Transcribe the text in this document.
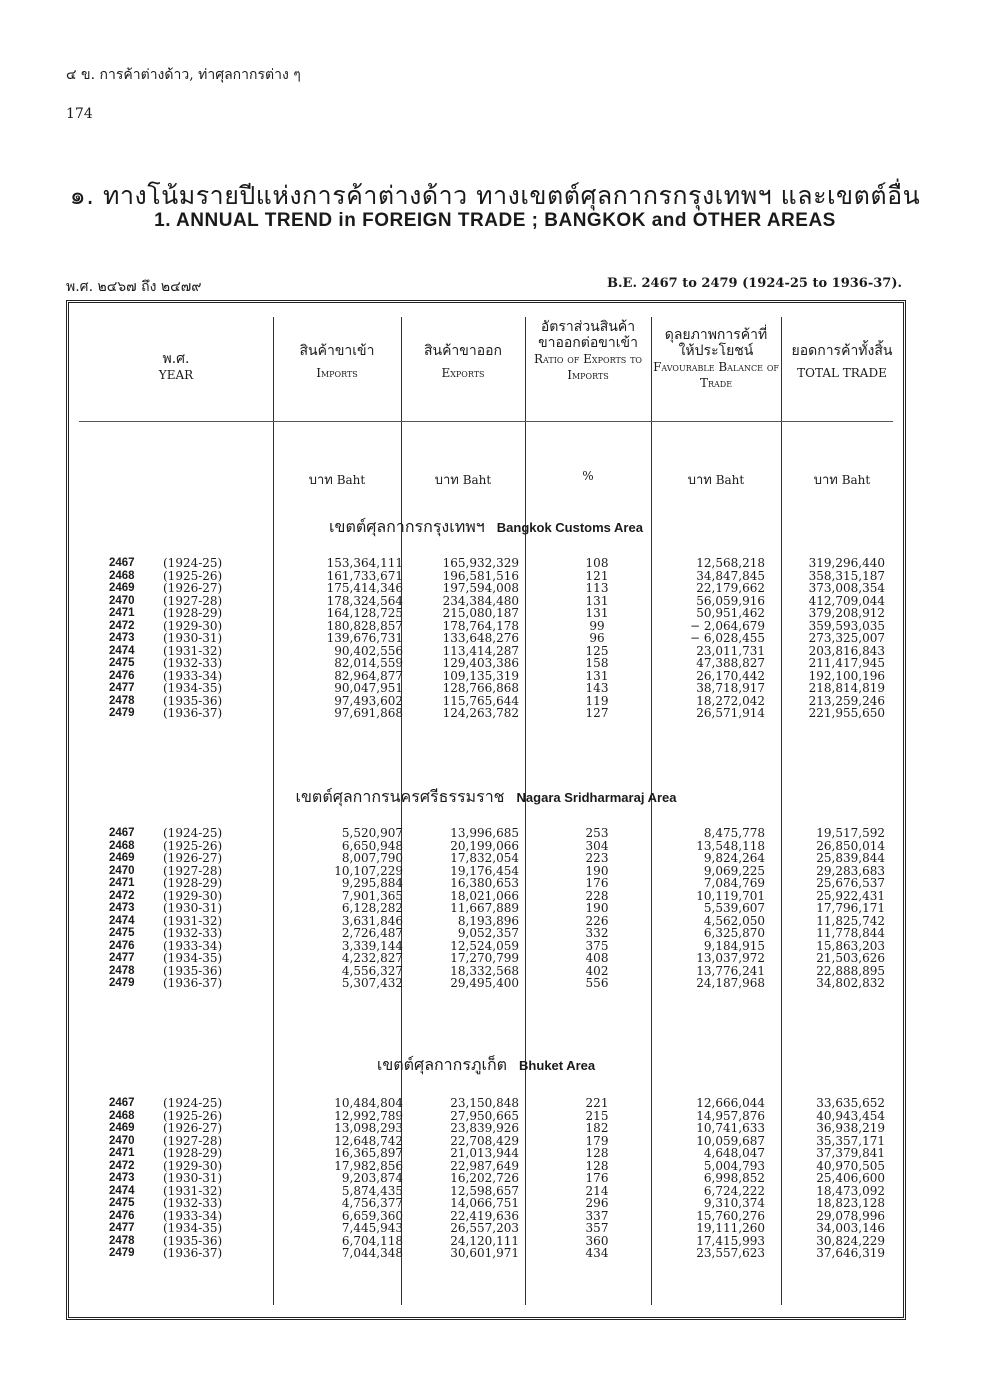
๔ ข. การค้าต่างด้าว, ท่าศุลกากรต่าง ๆ
174
๑. ทางโน้มรายปีแห่งการค้าต่างด้าว ทางเขตต์ศุลกากรกรุงเทพฯ และเขตต์อื่น
1. ANNUAL TREND in FOREIGN TRADE ; BANGKOK and OTHER AREAS
พ.ศ. ๒๔๖๗ ถึง ๒๔๗๙	B.E. 2467 to 2479 (1924-25 to 1936-37).
พ.ศ.
YEAR
สินค้าขาเข้า
Imports
สินค้าขาออก
Exports
อัตราส่วนสินค้าขาออกต่อขาเข้า
Ratio of Exports to Imports
ดุลยภาพการค้าที่ให้ประโยชน์
Favourable Balance of Trade
ยอดการค้าทั้งสิ้น
TOTAL TRADE
บาท Baht	บาท Baht	%	บาท Baht	บาท Baht
เขตต์ศุลกากรกรุงเทพฯ Bangkok Customs Area
2467	(1924-25)	153,364,111	165,932,329	108	12,568,218	319,296,440
2468	(1925-26)	161,733,671	196,581,516	121	34,847,845	358,315,187
2469	(1926-27)	175,414,346	197,594,008	113	22,179,662	373,008,354
2470	(1927-28)	178,324,564	234,384,480	131	56,059,916	412,709,044
2471	(1928-29)	164,128,725	215,080,187	131	50,951,462	379,208,912
2472	(1929-30)	180,828,857	178,764,178	99	− 2,064,679	359,593,035
2473	(1930-31)	139,676,731	133,648,276	96	− 6,028,455	273,325,007
2474	(1931-32)	90,402,556	113,414,287	125	23,011,731	203,816,843
2475	(1932-33)	82,014,559	129,403,386	158	47,388,827	211,417,945
2476	(1933-34)	82,964,877	109,135,319	131	26,170,442	192,100,196
2477	(1934-35)	90,047,951	128,766,868	143	38,718,917	218,814,819
2478	(1935-36)	97,493,602	115,765,644	119	18,272,042	213,259,246
2479	(1936-37)	97,691,868	124,263,782	127	26,571,914	221,955,650
เขตต์ศุลกากรนครศรีธรรมราช Nagara Sridharmaraj Area
2467	(1924-25)	5,520,907	13,996,685	253	8,475,778	19,517,592
2468	(1925-26)	6,650,948	20,199,066	304	13,548,118	26,850,014
2469	(1926-27)	8,007,790	17,832,054	223	9,824,264	25,839,844
2470	(1927-28)	10,107,229	19,176,454	190	9,069,225	29,283,683
2471	(1928-29)	9,295,884	16,380,653	176	7,084,769	25,676,537
2472	(1929-30)	7,901,365	18,021,066	228	10,119,701	25,922,431
2473	(1930-31)	6,128,282	11,667,889	190	5,539,607	17,796,171
2474	(1931-32)	3,631,846	8,193,896	226	4,562,050	11,825,742
2475	(1932-33)	2,726,487	9,052,357	332	6,325,870	11,778,844
2476	(1933-34)	3,339,144	12,524,059	375	9,184,915	15,863,203
2477	(1934-35)	4,232,827	17,270,799	408	13,037,972	21,503,626
2478	(1935-36)	4,556,327	18,332,568	402	13,776,241	22,888,895
2479	(1936-37)	5,307,432	29,495,400	556	24,187,968	34,802,832
เขตต์ศุลกากรภูเก็ต Bhuket Area
2467	(1924-25)	10,484,804	23,150,848	221	12,666,044	33,635,652
2468	(1925-26)	12,992,789	27,950,665	215	14,957,876	40,943,454
2469	(1926-27)	13,098,293	23,839,926	182	10,741,633	36,938,219
2470	(1927-28)	12,648,742	22,708,429	179	10,059,687	35,357,171
2471	(1928-29)	16,365,897	21,013,944	128	4,648,047	37,379,841
2472	(1929-30)	17,982,856	22,987,649	128	5,004,793	40,970,505
2473	(1930-31)	9,203,874	16,202,726	176	6,998,852	25,406,600
2474	(1931-32)	5,874,435	12,598,657	214	6,724,222	18,473,092
2475	(1932-33)	4,756,377	14,066,751	296	9,310,374	18,823,128
2476	(1933-34)	6,659,360	22,419,636	337	15,760,276	29,078,996
2477	(1934-35)	7,445,943	26,557,203	357	19,111,260	34,003,146
2478	(1935-36)	6,704,118	24,120,111	360	17,415,993	30,824,229
2479	(1936-37)	7,044,348	30,601,971	434	23,557,623	37,646,319
